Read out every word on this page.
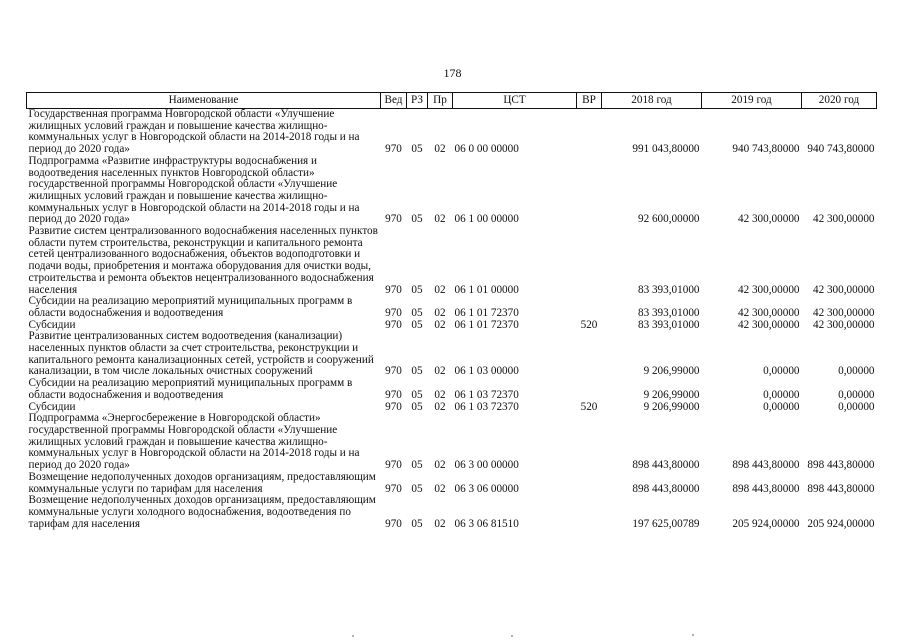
178
Наименование	Вед	РЗ	Пр	ЦСТ	ВР	2018 год	2019 год	2020 год
Государственная программа Новгородской области «Улучшение жилищных условий граждан и повышение качества жилищно-коммунальных услуг в Новгородской области на 2014-2018 годы и на период до 2020 года»	970	05	02	06 0 00 00000		991 043,80000	940 743,80000	940 743,80000
Подпрограмма «Развитие инфраструктуры водоснабжения и водоотведения населенных пунктов Новгородской области» государственной программы Новгородской области «Улучшение жилищных условий граждан и повышение качества жилищно-коммунальных услуг в Новгородской области на 2014-2018 годы и на период до 2020 года»	970	05	02	06 1 00 00000		92 600,00000	42 300,00000	42 300,00000
Развитие систем централизованного водоснабжения населенных пунктов области путем строительства, реконструкции и капитального ремонта сетей централизованного водоснабжения, объектов водоподготовки и подачи воды, приобретения и монтажа оборудования для очистки воды, строительства и ремонта объектов нецентрализованного водоснабжения населения	970	05	02	06 1 01 00000		83 393,01000	42 300,00000	42 300,00000
Субсидии на реализацию мероприятий муниципальных программ в области водоснабжения и водоотведения	970	05	02	06 1 01 72370		83 393,01000	42 300,00000	42 300,00000
Субсидии	970	05	02	06 1 01 72370	520	83 393,01000	42 300,00000	42 300,00000
Развитие централизованных систем водоотведения (канализации) населенных пунктов области за счет строительства, реконструкции и капитального ремонта канализационных сетей, устройств и сооружений канализации, в том числе локальных очистных сооружений	970	05	02	06 1 03 00000		9 206,99000	0,00000	0,00000
Субсидии на реализацию мероприятий муниципальных программ в области водоснабжения и водоотведения	970	05	02	06 1 03 72370		9 206,99000	0,00000	0,00000
Субсидии	970	05	02	06 1 03 72370	520	9 206,99000	0,00000	0,00000
Подпрограмма «Энергосбережение в Новгородской области» государственной программы Новгородской области «Улучшение жилищных условий граждан и повышение качества жилищно-коммунальных услуг в Новгородской области на 2014-2018 годы и на период до 2020 года»	970	05	02	06 3 00 00000		898 443,80000	898 443,80000	898 443,80000
Возмещение недополученных доходов организациям, предоставляющим коммунальные услуги по тарифам для населения	970	05	02	06 3 06 00000		898 443,80000	898 443,80000	898 443,80000
Возмещение недополученных доходов организациям, предоставляющим коммунальные услуги холодного водоснабжения, водоотведения по тарифам для населения	970	05	02	06 3 06 81510		197 625,00789	205 924,00000	205 924,00000
